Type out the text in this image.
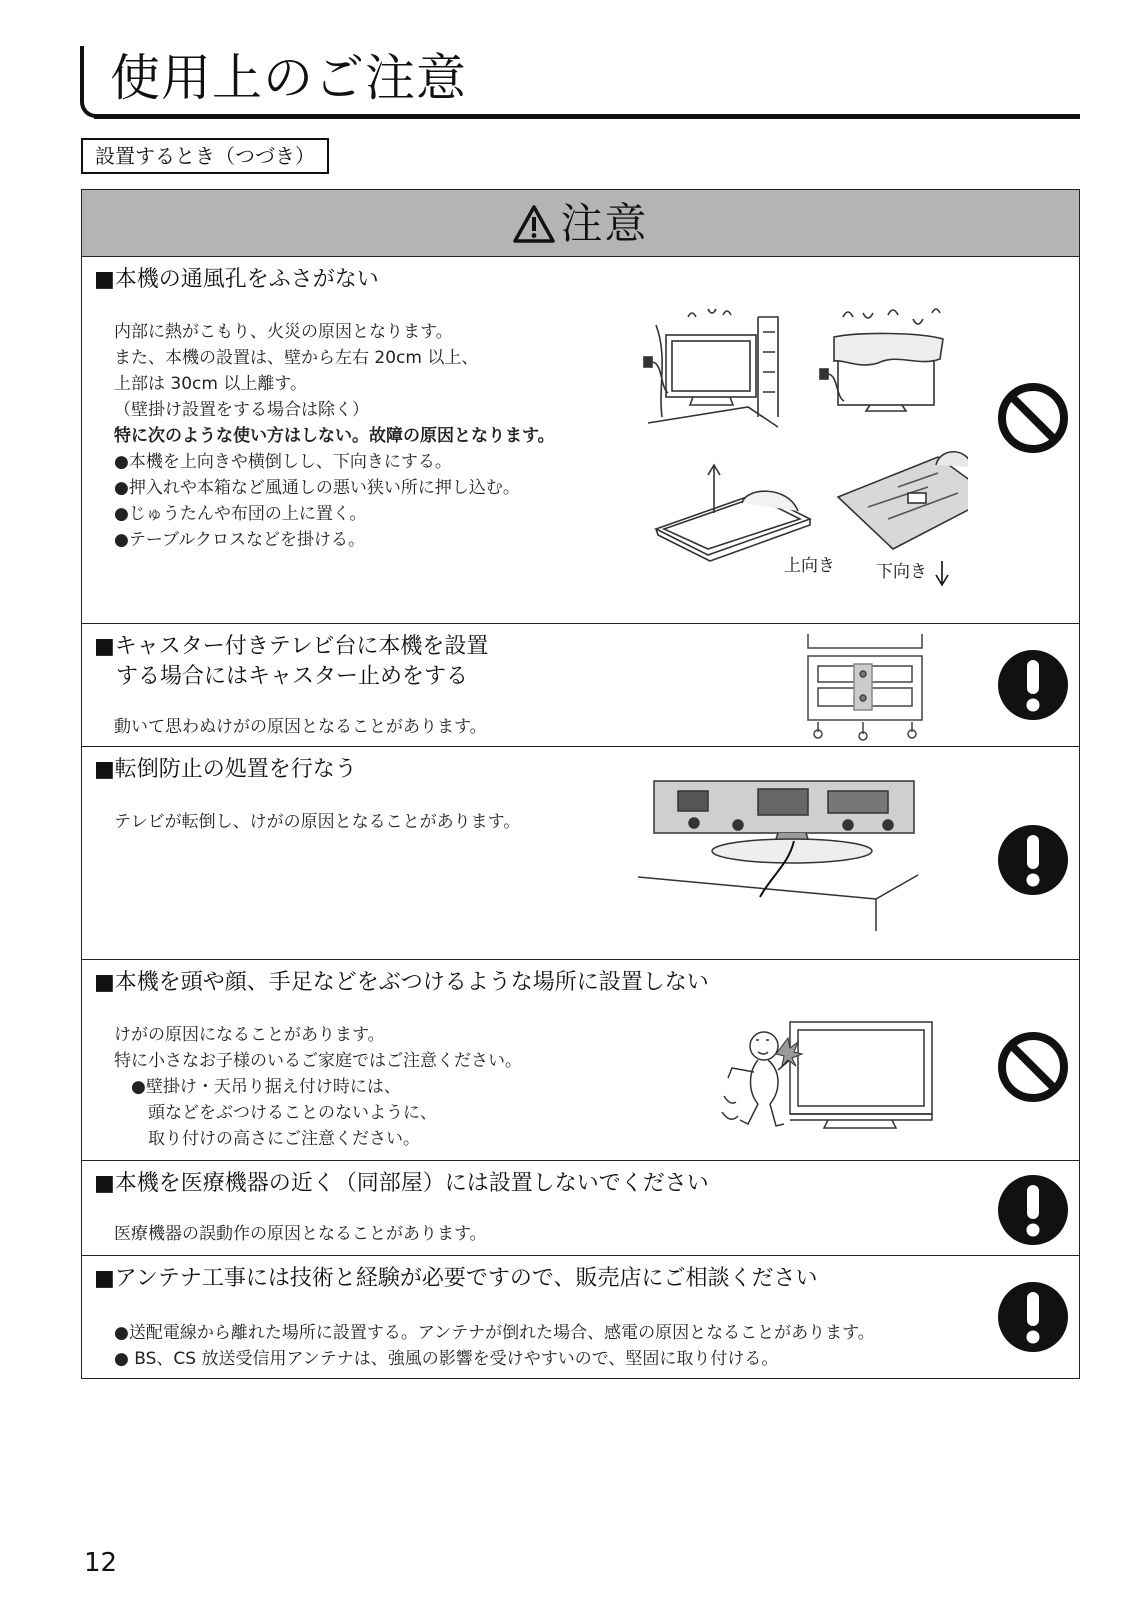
使用上のご注意
設置するとき（つづき）
注意
■本機の通風孔をふさがない

内部に熱がこもり、火災の原因となります。

また、本機の設置は、壁から左右 20cm 以上、

上部は 30cm 以上離す。

（壁掛け設置をする場合は除く）

特に次のような使い方はしない。故障の原因となります。

●本機を上向きや横倒しし、下向きにする。

●押入れや本箱など風通しの悪い狭い所に押し込む。

●じゅうたんや布団の上に置く。

●テーブルクロスなどを掛ける。

上向き 下向き
■キャスター付きテレビ台に本機を設置
　する場合にはキャスター止めをする

動いて思わぬけがの原因となることがあります。

■転倒防止の処置を行なう

テレビが転倒し、けがの原因となることがあります。

■本機を頭や顔、手足などをぶつけるような場所に設置しない

けがの原因になることがあります。

特に小さなお子様のいるご家庭ではご注意ください。

　●壁掛け・天吊り据え付け時には、

　　頭などをぶつけることのないように、

　　取り付けの高さにご注意ください。

■本機を医療機器の近く（同部屋）には設置しないでください

医療機器の誤動作の原因となることがあります。

■アンテナ工事には技術と経験が必要ですので、販売店にご相談ください

●送配電線から離れた場所に設置する。アンテナが倒れた場合、感電の原因となることがあります。

● BS、CS 放送受信用アンテナは、強風の影響を受けやすいので、堅固に取り付ける。

12
